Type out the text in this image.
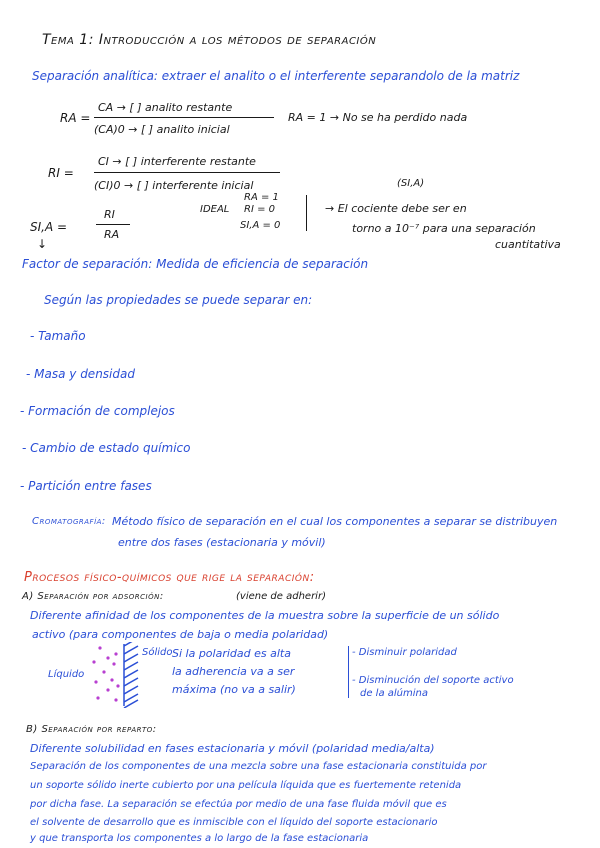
Tema 1: Introducción a los métodos de separación
Separación analítica: extraer el analito o el interferente separandolo de la matriz
RA =
CA → [ ] analito restante
(CA)0 → [ ] analito inicial
RA = 1 → No se ha perdido nada
RI =
CI → [ ] interferente restante
(CI)0 → [ ] interferente inicial
SI,A =
RI
RA
↓
IDEAL
RA = 1
RI = 0
SI,A = 0
(SI,A)
→ El cociente debe ser en
torno a 10⁻⁷ para una separación
cuantitativa
Factor de separación: Medida de eficiencia de separación
Según las propiedades se puede separar en:
- Tamaño
- Masa y densidad
- Formación de complejos
- Cambio de estado químico
- Partición entre fases
Cromatografía: Método físico de separación en el cual los componentes a separar se distribuyen
entre dos fases (estacionaria y móvil)
Procesos físico-químicos que rige la separación:
A) Separación por adsorción:	(viene de adherir)
Diferente afinidad de los componentes de la muestra sobre la superficie de un sólido
activo (para componentes de baja o media polaridad)
Líquido
Sólido Si la polaridad es alta
la adherencia va a ser
máxima (no va a salir)
- Disminuir polaridad
- Disminución del soporte activo
de la alúmina
B) Separación por reparto:
Diferente solubilidad en fases estacionaria y móvil (polaridad media/alta)
Separación de los componentes de una mezcla sobre una fase estacionaria constituida por
un soporte sólido inerte cubierto por una película líquida que es fuertemente retenida
por dicha fase. La separación se efectúa por medio de una fase fluida móvil que es
el solvente de desarrollo que es inmiscible con el líquido del soporte estacionario
y que transporta los componentes a lo largo de la fase estacionaria
